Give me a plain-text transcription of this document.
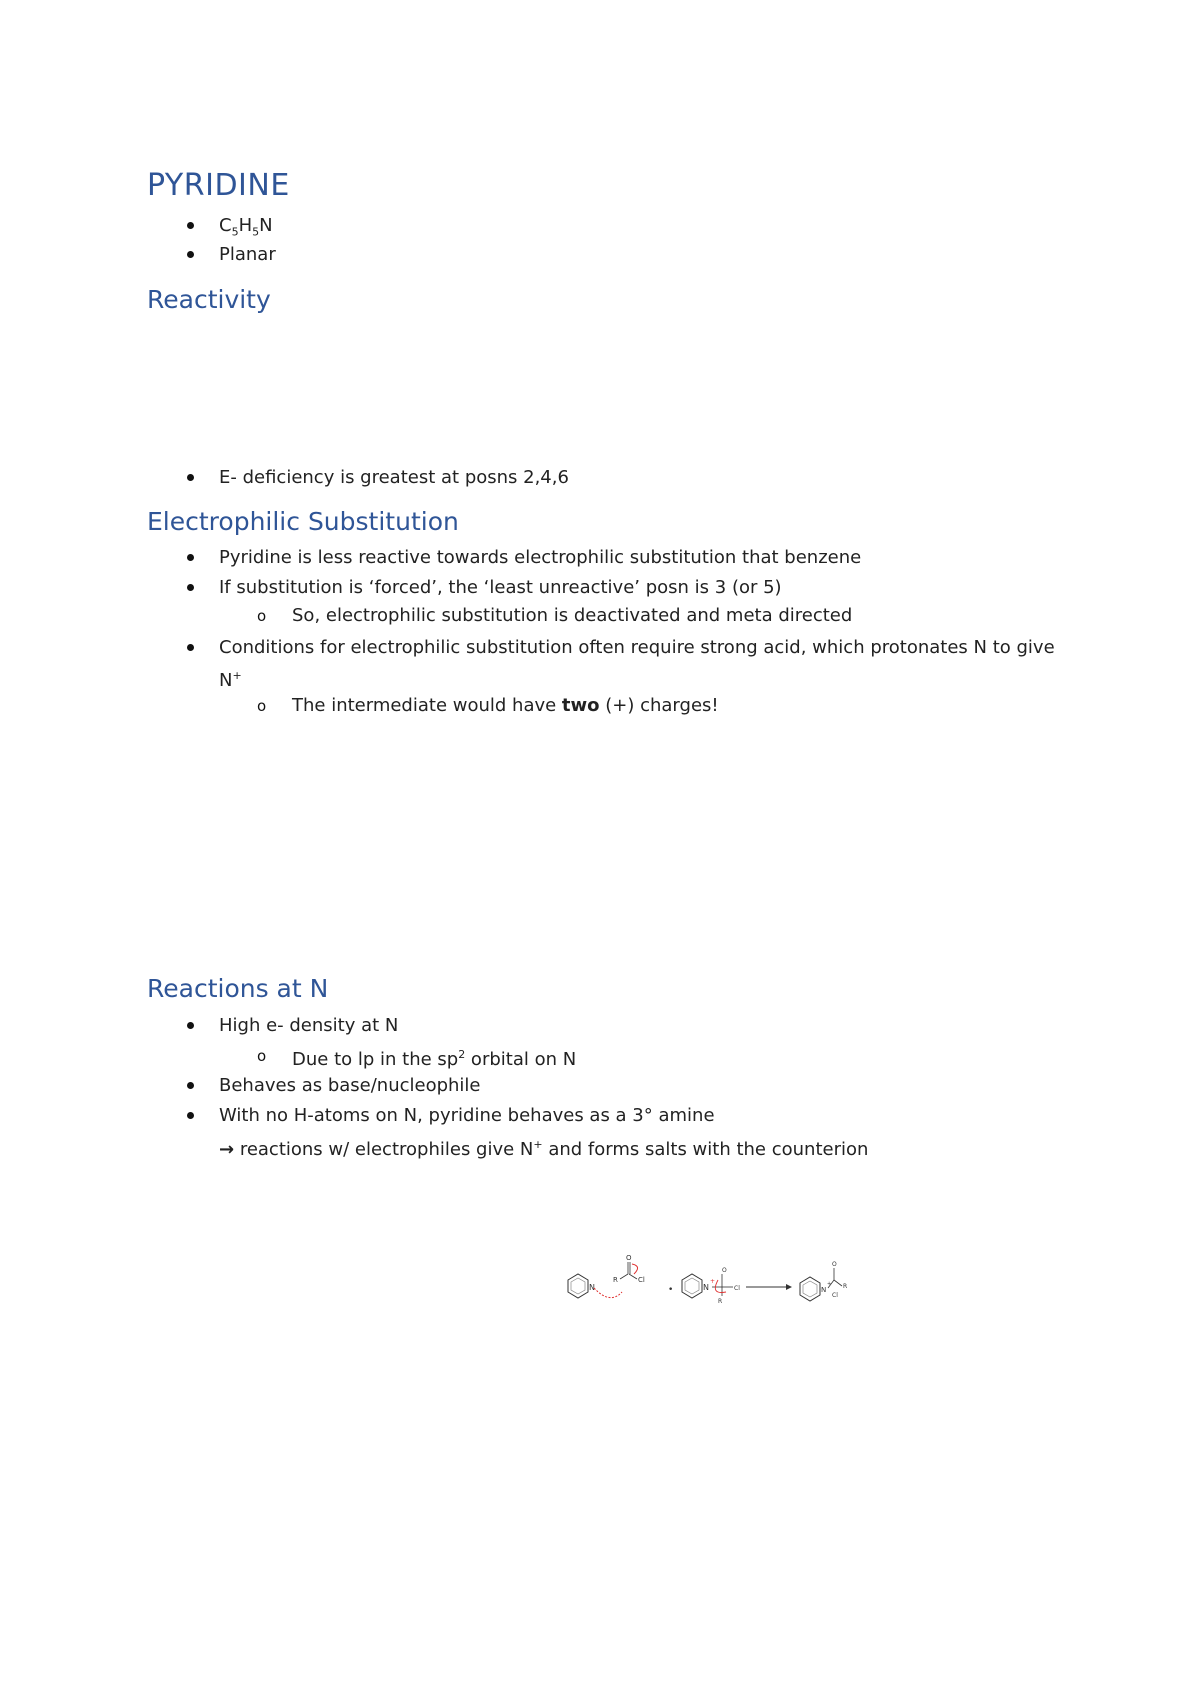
PYRIDINE
$C_5H_5N$
Planar
Reactivity
E- deficiency is greatest at posns 2,4,6
Electrophilic Substitution
Pyridine is less reactive towards electrophilic substitution that benzene
If substitution is ‘forced’, the ‘least unreactive’ posn is 3 (or 5)
o So, electrophilic substitution is deactivated and meta directed
Conditions for electrophilic substitution often require strong acid, which protonates N to give
N+
o The intermediate would have two (+) charges!
Reactions at N
High e- density at N
o Due to lp in the $sp^2$ orbital on N
Behaves as base/nucleophile
With no H-atoms on N, pyridine behaves as a 3° amine
→ reactions w/ electrophiles give N+ and forms salts with the counterion
N
R
O
Cl
•	N
+
O
R
Cl	N
+
O
R
Cl
